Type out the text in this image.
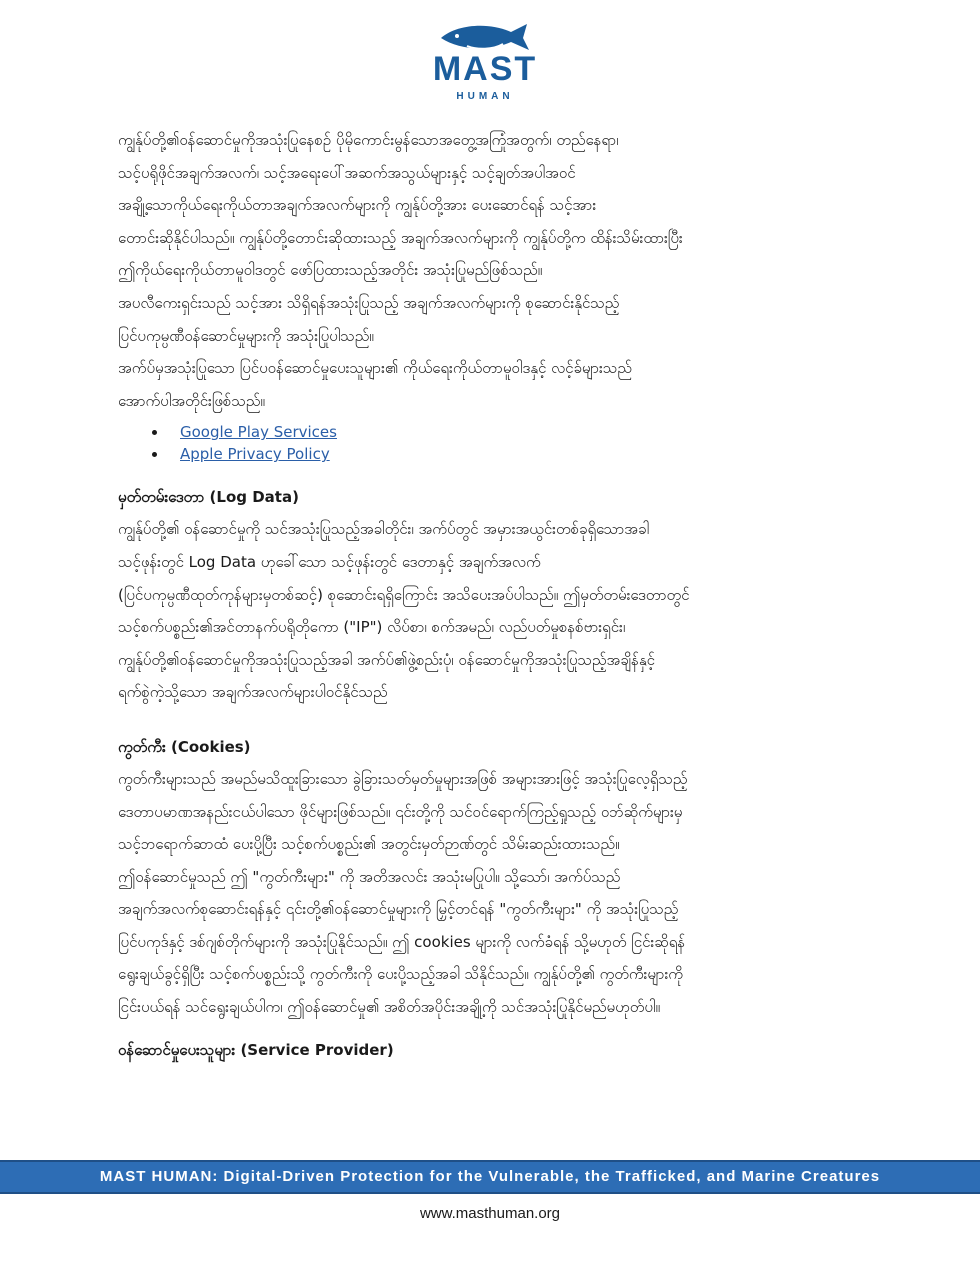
MAST
HUMAN
ကျွန်ုပ်တို့၏ဝန်ဆောင်မှုကိုအသုံးပြုနေစဉ် ပိုမိုကောင်းမွန်သောအတွေ့အကြုံအတွက်၊ တည်နေရာ၊
သင့်ပရိုဖိုင်အချက်အလက်၊ သင့်အရေးပေါ်အဆက်အသွယ်များနှင့် သင့်ချတ်အပါအဝင်
အချို့သောကိုယ်ရေးကိုယ်တာအချက်အလက်များကို ကျွန်ုပ်တို့အား ပေးဆောင်ရန် သင့်အား
တောင်းဆိုနိုင်ပါသည်။ ကျွန်ုပ်တို့တောင်းဆိုထားသည့် အချက်အလက်များကို ကျွန်ုပ်တို့က ထိန်းသိမ်းထားပြီး
ဤကိုယ်ရေးကိုယ်တာမူဝါဒတွင် ဖော်ပြထားသည့်အတိုင်း အသုံးပြုမည်ဖြစ်သည်။
အပလီကေးရှင်းသည် သင့်အား သိရှိရန်အသုံးပြုသည့် အချက်အလက်များကို စုဆောင်းနိုင်သည့်
ပြင်ပကုမ္ပဏီဝန်ဆောင်မှုများကို အသုံးပြုပါသည်။
အက်ပ်မှအသုံးပြုသော ပြင်ပဝန်ဆောင်မှုပေးသူများ၏ ကိုယ်ရေးကိုယ်တာမူဝါဒနှင့် လင့်ခ်များသည်
အောက်ပါအတိုင်းဖြစ်သည်။
Google Play Services
Apple Privacy Policy
မှတ်တမ်းဒေတာ (Log Data)
ကျွန်ုပ်တို့၏ ဝန်ဆောင်မှုကို သင်အသုံးပြုသည့်အခါတိုင်း၊ အက်ပ်တွင် အမှားအယွင်းတစ်ခုရှိသောအခါ
သင့်ဖုန်းတွင် Log Data ဟုခေါ်သော သင့်ဖုန်းတွင် ဒေတာနှင့် အချက်အလက်
(ပြင်ပကုမ္ပဏီထုတ်ကုန်များမှတစ်ဆင့်) စုဆောင်းရရှိကြောင်း အသိပေးအပ်ပါသည်။ ဤမှတ်တမ်းဒေတာတွင်
သင့်စက်ပစ္စည်း၏အင်တာနက်ပရိုတိုကော ("IP") လိပ်စာ၊ စက်အမည်၊ လည်ပတ်မှုစနစ်ဗားရှင်း၊
ကျွန်ုပ်တို့၏ဝန်ဆောင်မှုကိုအသုံးပြုသည့်အခါ အက်ပ်၏ဖွဲ့စည်းပုံ၊ ဝန်ဆောင်မှုကိုအသုံးပြုသည့်အချိန်နှင့်
ရက်စွဲကဲ့သို့သော အချက်အလက်များပါဝင်နိုင်သည်
ကွတ်ကီး (Cookies)
ကွတ်ကီးများသည် အမည်မသိထူးခြားသော ခွဲခြားသတ်မှတ်မှုများအဖြစ် အများအားဖြင့် အသုံးပြုလေ့ရှိသည့်
ဒေတာပမာဏအနည်းငယ်ပါသော ဖိုင်များဖြစ်သည်။ ၎င်းတို့ကို သင်ဝင်ရောက်ကြည့်ရှုသည့် ဝဘ်ဆိုက်များမှ
သင့်ဘရောက်ဆာထံ ပေးပို့ပြီး သင့်စက်ပစ္စည်း၏ အတွင်းမှတ်ဉာဏ်တွင် သိမ်းဆည်းထားသည်။
ဤဝန်ဆောင်မှုသည် ဤ "ကွတ်ကီးများ" ကို အတိအလင်း အသုံးမပြုပါ။ သို့သော်၊ အက်ပ်သည်
အချက်အလက်စုဆောင်းရန်နှင့် ၎င်းတို့၏ဝန်ဆောင်မှုများကို မြှင့်တင်ရန် "ကွတ်ကီးများ" ကို အသုံးပြုသည့်
ပြင်ပကုဒ်နှင့် ဒစ်ဂျစ်တိုက်များကို အသုံးပြုနိုင်သည်။ ဤ cookies များကို လက်ခံရန် သို့မဟုတ် ငြင်းဆိုရန်
ရွေးချယ်ခွင့်ရှိပြီး သင့်စက်ပစ္စည်းသို့ ကွတ်ကီးကို ပေးပို့သည့်အခါ သိနိုင်သည်။ ကျွန်ုပ်တို့၏ ကွတ်ကီးများကို
ငြင်းပယ်ရန် သင်ရွေးချယ်ပါက၊ ဤဝန်ဆောင်မှု၏ အစိတ်အပိုင်းအချို့ကို သင်အသုံးပြုနိုင်မည်မဟုတ်ပါ။
ဝန်ဆောင်မှုပေးသူများ (Service Provider)
MAST HUMAN: Digital-Driven Protection for the Vulnerable, the Trafficked, and Marine Creatures
www.masthuman.org
